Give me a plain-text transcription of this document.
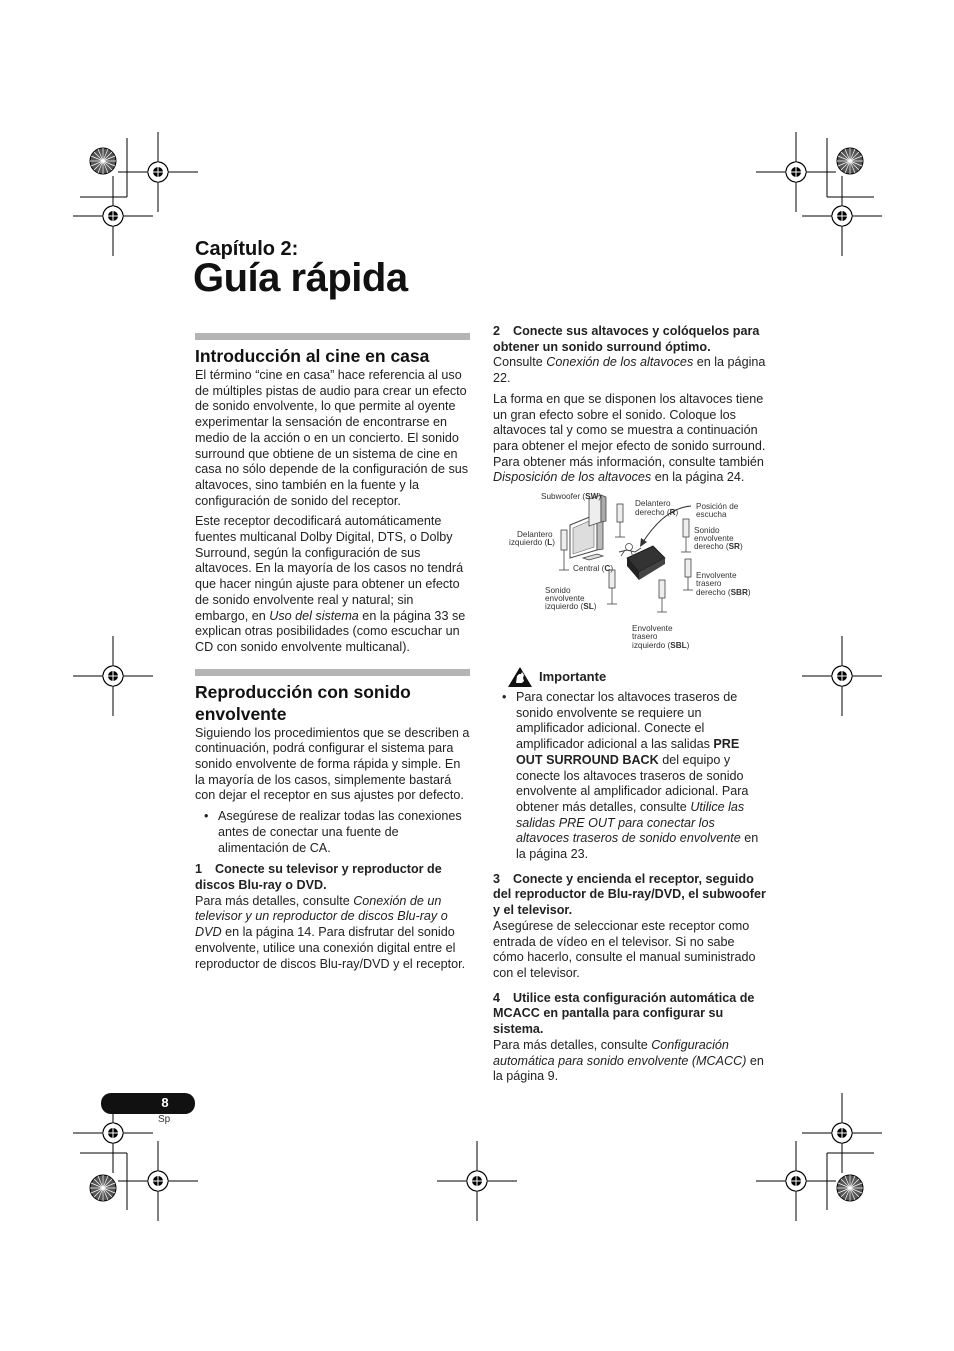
Capítulo 2:
Guía rápida
Introducción al cine en casa

El término “cine en casa” hace referencia al uso de múltiples pistas de audio para crear un efecto de sonido envolvente, lo que permite al oyente experimentar la sensación de encontrarse en medio de la acción o en un concierto. El sonido surround que obtiene de un sistema de cine en casa no sólo depende de la configuración de sus altavoces, sino también en la fuente y la configuración de sonido del receptor.

Este receptor decodificará automáticamente fuentes multicanal Dolby Digital, DTS, o Dolby Surround, según la configuración de sus altavoces. En la mayoría de los casos no tendrá que hacer ningún ajuste para obtener un efecto de sonido envolvente real y natural; sin embargo, en Uso del sistema en la página 33 se explican otras posibilidades (como escuchar un CD con sonido envolvente multicanal).

Reproducción con sonido envolvente

Siguiendo los procedimientos que se describen a continuación, podrá configurar el sistema para sonido envolvente de forma rápida y simple. En la mayoría de los casos, simplemente bastará con dejar el receptor en sus ajustes por defecto.

• Asegúrese de realizar todas las conexiones antes de conectar una fuente de alimentación de CA.
1 Conecte su televisor y reproductor de discos Blu-ray o DVD.

Para más detalles, consulte Conexión de un televisor y un reproductor de discos Blu-ray o DVD en la página 14. Para disfrutar del sonido envolvente, utilice una conexión digital entre el reproductor de discos Blu-ray/DVD y el receptor.

2 Conecte sus altavoces y colóquelos para obtener un sonido surround óptimo.

Consulte Conexión de los altavoces en la página 22.

La forma en que se disponen los altavoces tiene un gran efecto sobre el sonido. Coloque los altavoces tal y como se muestra a continuación para obtener el mejor efecto de sonido surround. Para obtener más información, consulte también Disposición de los altavoces en la página 24.

Subwoofer (SW)
Delantero
derecho (R)
Posición de
escucha
Delantero
izquierdo (L)
Central (C)
Sonido
envolvente
derecho (SR)
Sonido
envolvente
izquierdo (SL)
Envolvente
trasero
derecho (SBR)
Envolvente
trasero
izquierdo (SBL)
Importante
• Para conectar los altavoces traseros de sonido envolvente se requiere un amplificador adicional. Conecte el amplificador adicional a las salidas PRE OUT SURROUND BACK del equipo y conecte los altavoces traseros de sonido envolvente al amplificador adicional. Para obtener más detalles, consulte Utilice las salidas PRE OUT para conectar los altavoces traseros de sonido envolvente en la página 23.
3 Conecte y encienda el receptor, seguido del reproductor de Blu-ray/DVD, el subwoofer y el televisor.

Asegúrese de seleccionar este receptor como entrada de vídeo en el televisor. Si no sabe cómo hacerlo, consulte el manual suministrado con el televisor.

4 Utilice esta configuración automática de MCACC en pantalla para configurar su sistema.

Para más detalles, consulte Configuración automática para sonido envolvente (MCACC) en la página 9.

8
Sp
